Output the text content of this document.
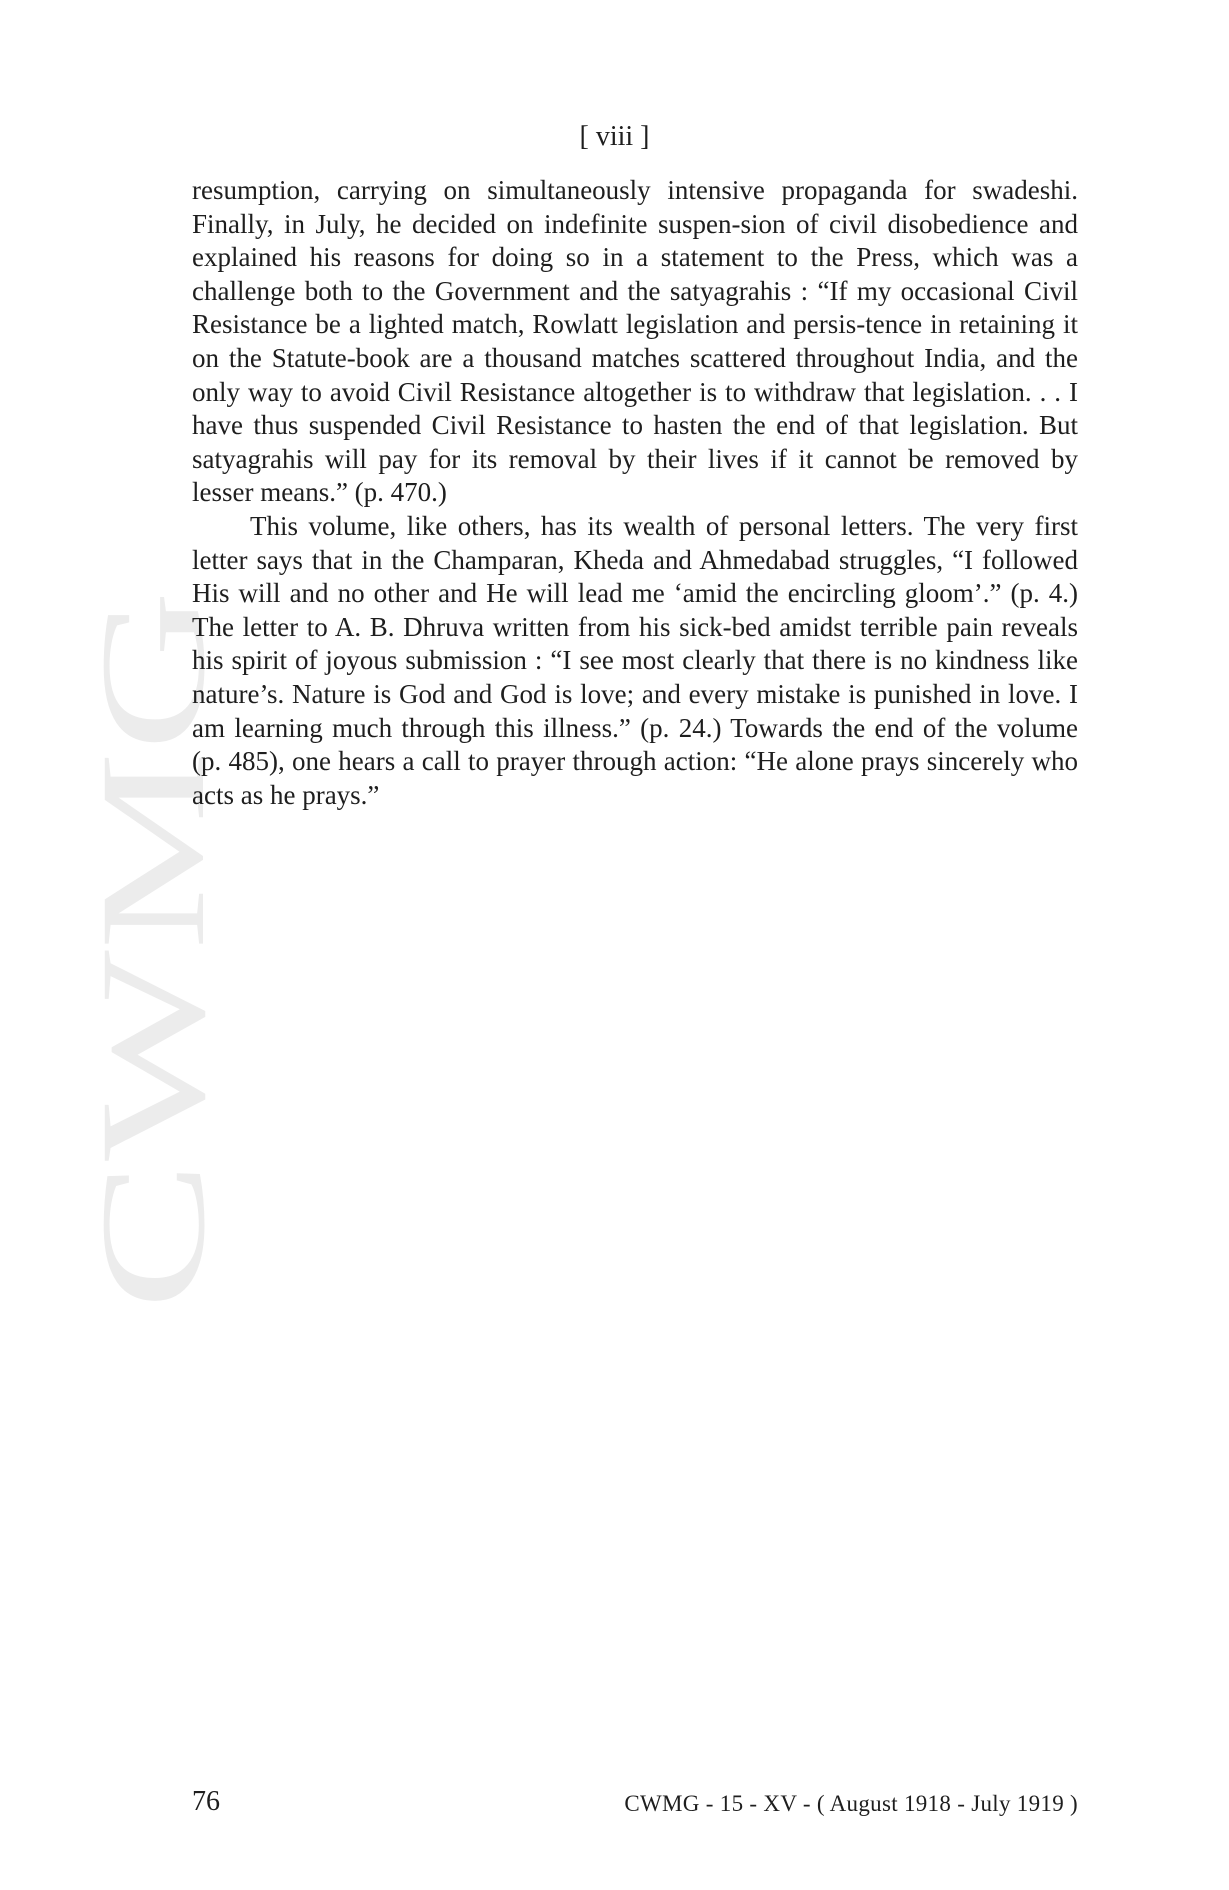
CWMG
[ viii ]

resumption, carrying on simultaneously intensive propaganda for swadeshi. Finally, in July, he decided on indefinite suspen-sion of civil disobedience and explained his reasons for doing so in a statement to the Press, which was a challenge both to the Government and the satyagrahis : “If my occasional Civil Resistance be a lighted match, Rowlatt legislation and persis-tence in retaining it on the Statute-book are a thousand matches scattered throughout India, and the only way to avoid Civil Resistance altogether is to withdraw that legislation. . . I have thus suspended Civil Resistance to hasten the end of that legislation. But satyagrahis will pay for its removal by their lives if it cannot be removed by lesser means.” (p. 470.)

This volume, like others, has its wealth of personal letters. The very first letter says that in the Champaran, Kheda and Ahmedabad struggles, “I followed His will and no other and He will lead me ‘amid the encircling gloom’.” (p. 4.) The letter to A. B. Dhruva written from his sick-bed amidst terrible pain reveals his spirit of joyous submission : “I see most clearly that there is no kindness like nature’s. Nature is God and God is love; and every mistake is punished in love. I am learning much through this illness.” (p. 24.) Towards the end of the volume (p. 485), one hears a call to prayer through action: “He alone prays sincerely who acts as he prays.”

76	CWMG - 15 - XV - ( August 1918 - July 1919 )
